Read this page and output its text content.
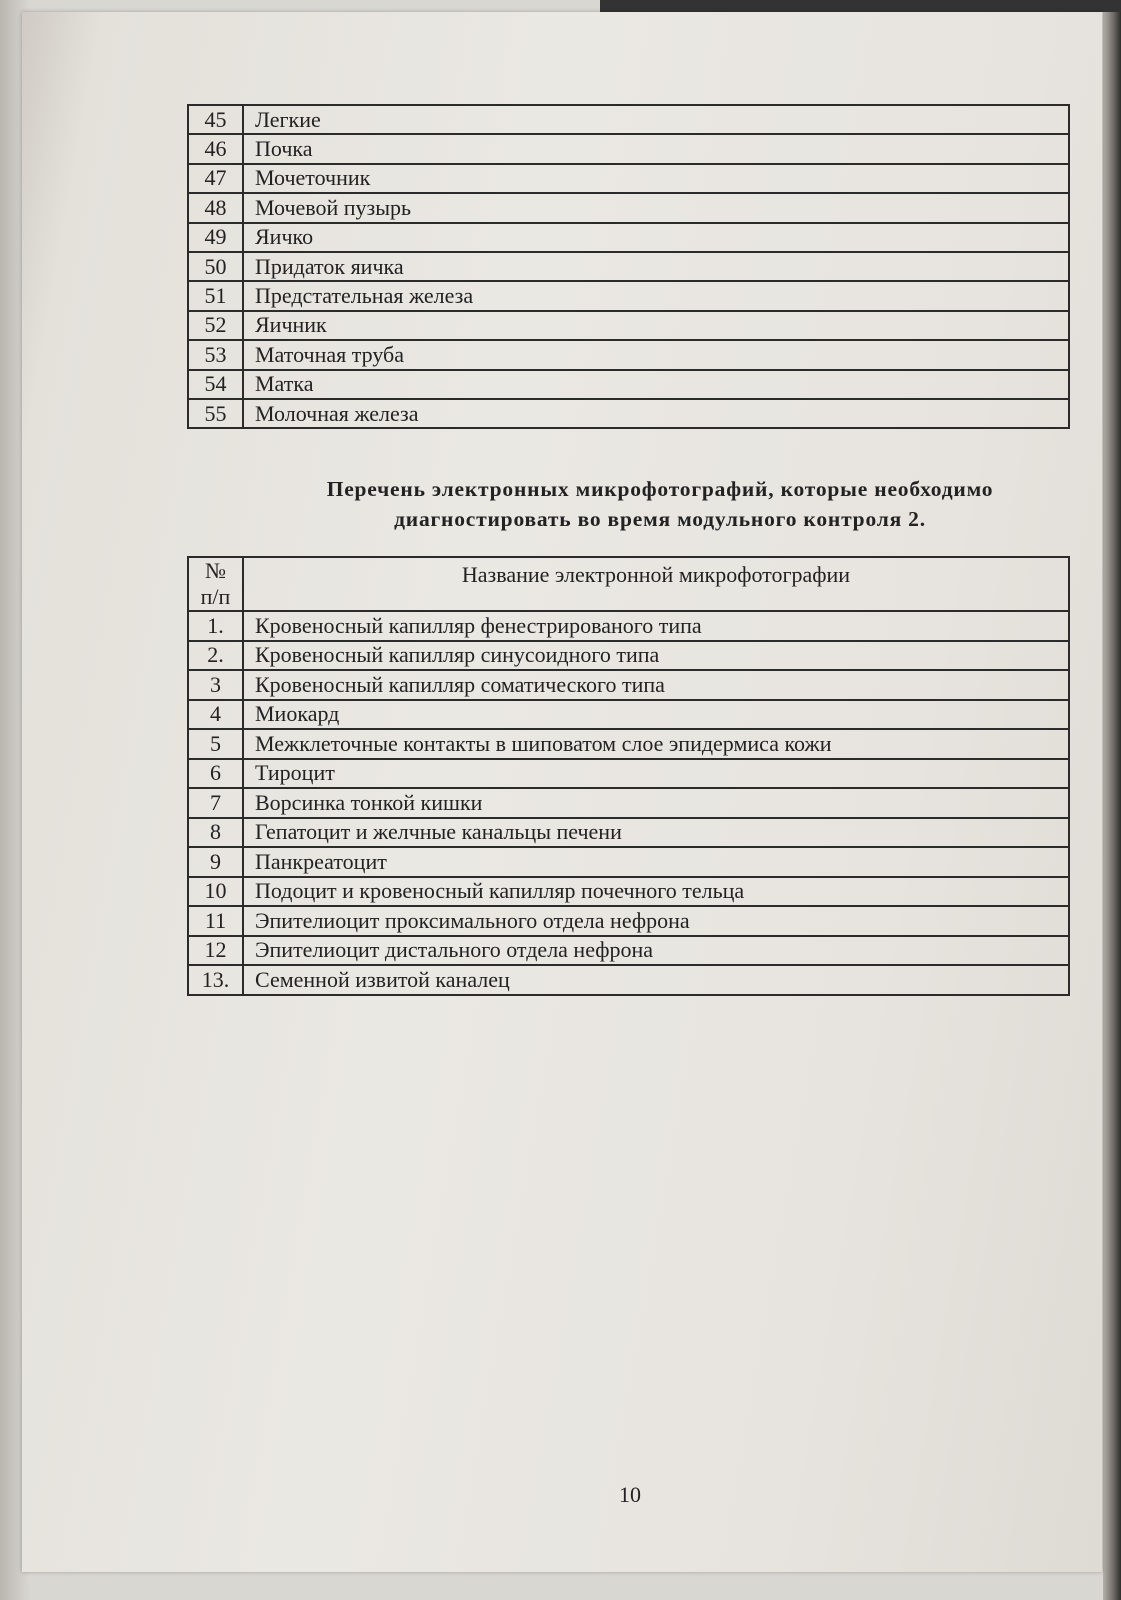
45	Легкие
46	Почка
47	Мочеточник
48	Мочевой пузырь
49	Яичко
50	Придаток яичка
51	Предстательная железа
52	Яичник
53	Маточная труба
54	Матка
55	Молочная железа
Перечень электронных микрофотографий, которые необходимо
диагностировать во время модульного контроля 2.
№
п/п	Название электронной микрофотографии
1.	Кровеносный капилляр фенестрированого типа
2.	Кровеносный капилляр синусоидного типа
3	Кровеносный капилляр соматического типа
4	Миокард
5	Межклеточные контакты в шиповатом слое эпидермиса кожи
6	Тироцит
7	Ворсинка тонкой кишки
8	Гепатоцит и желчные канальцы печени
9	Панкреатоцит
10	Подоцит и кровеносный капилляр почечного тельца
11	Эпителиоцит проксимального отдела нефрона
12	Эпителиоцит дистального отдела нефрона
13.	Семенной извитой каналец
10
